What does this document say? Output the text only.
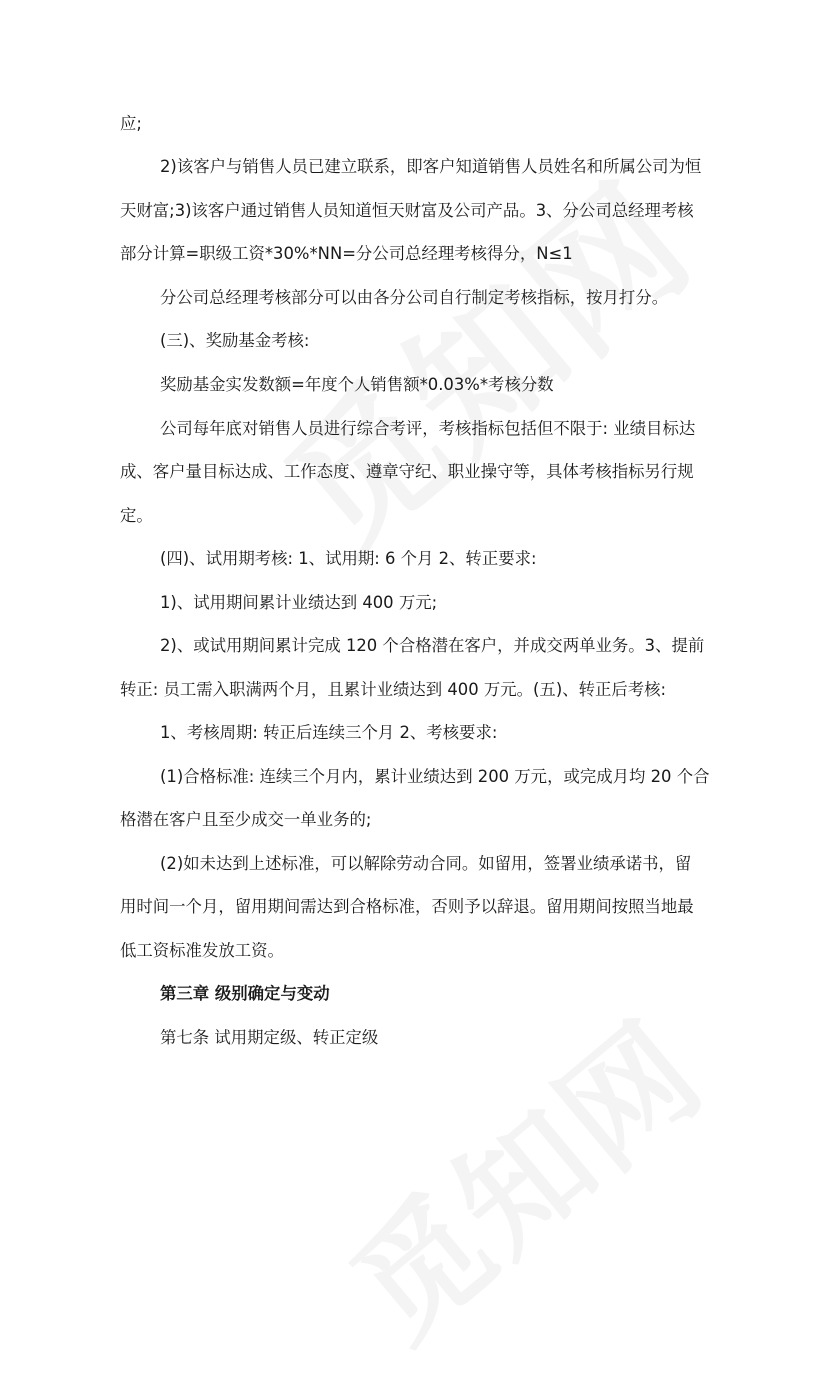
应;

2)该客户与销售人员已建立联系，即客户知道销售人员姓名和所属公司为恒

天财富;3)该客户通过销售人员知道恒天财富及公司产品。3、分公司总经理考核

部分计算=职级工资*30%*NN=分公司总经理考核得分，N≤1

分公司总经理考核部分可以由各分公司自行制定考核指标，按月打分。

(三)、奖励基金考核:

奖励基金实发数额=年度个人销售额*0.03%*考核分数

公司每年底对销售人员进行综合考评，考核指标包括但不限于: 业绩目标达

成、客户量目标达成、工作态度、遵章守纪、职业操守等，具体考核指标另行规

定。

(四)、试用期考核: 1、试用期: 6 个月 2、转正要求:

1)、试用期间累计业绩达到 400 万元;

2)、或试用期间累计完成 120 个合格潜在客户，并成交两单业务。3、提前

转正: 员工需入职满两个月，且累计业绩达到 400 万元。(五)、转正后考核:

1、考核周期: 转正后连续三个月 2、考核要求:

(1)合格标准: 连续三个月内，累计业绩达到 200 万元，或完成月均 20 个合

格潜在客户且至少成交一单业务的;

(2)如未达到上述标准，可以解除劳动合同。如留用，签署业绩承诺书，留

用时间一个月，留用期间需达到合格标准，否则予以辞退。留用期间按照当地最

低工资标准发放工资。

第三章 级别确定与变动

第七条 试用期定级、转正定级
